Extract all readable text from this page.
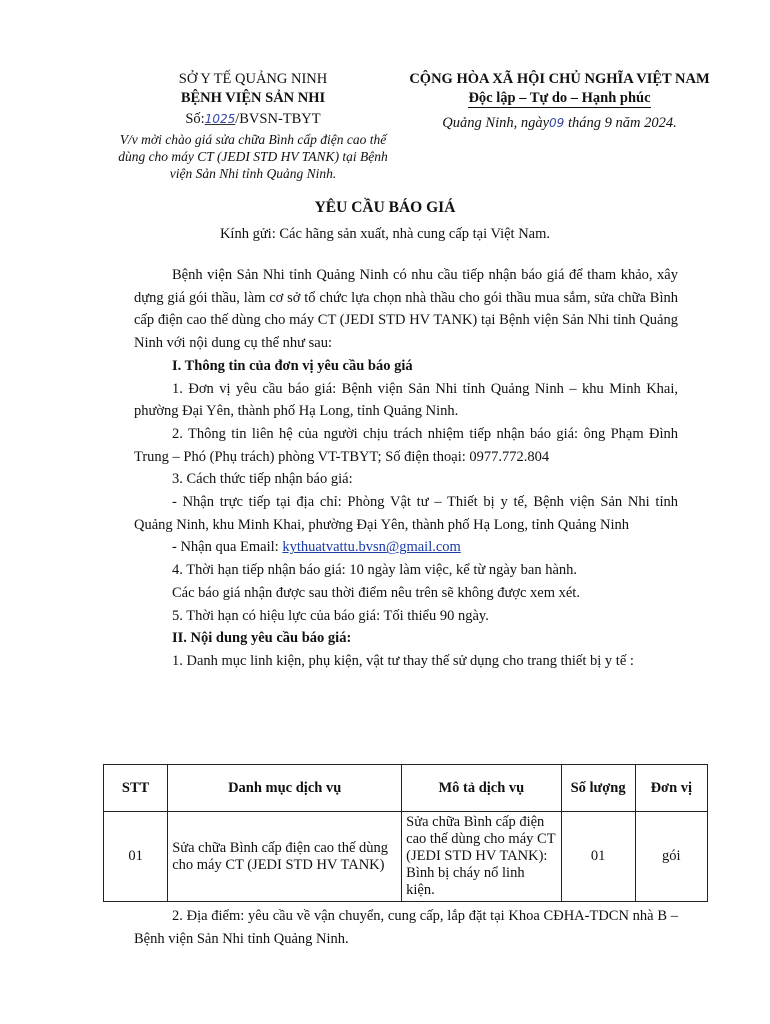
SỞ Y TẾ QUẢNG NINH
BỆNH VIỆN SẢN NHI
Số:1025/BVSN-TBYT
V/v mời chào giá sửa chữa Bình cấp điện cao thế dùng cho máy CT (JEDI STD HV TANK) tại Bệnh viện Sản Nhi tỉnh Quảng Ninh.
CỘNG HÒA XÃ HỘI CHỦ NGHĨA VIỆT NAM
Độc lập – Tự do – Hạnh phúc
Quảng Ninh, ngày09 tháng 9 năm 2024.
YÊU CẦU BÁO GIÁ
Kính gửi: Các hãng sản xuất, nhà cung cấp tại Việt Nam.

Bệnh viện Sản Nhi tỉnh Quảng Ninh có nhu cầu tiếp nhận báo giá để tham khảo, xây dựng giá gói thầu, làm cơ sở tổ chức lựa chọn nhà thầu cho gói thầu mua sắm, sửa chữa Bình cấp điện cao thế dùng cho máy CT (JEDI STD HV TANK) tại Bệnh viện Sản Nhi tỉnh Quảng Ninh với nội dung cụ thể như sau:

I. Thông tin của đơn vị yêu cầu báo giá

1. Đơn vị yêu cầu báo giá: Bệnh viện Sản Nhi tỉnh Quảng Ninh – khu Minh Khai, phường Đại Yên, thành phố Hạ Long, tỉnh Quảng Ninh.

2. Thông tin liên hệ của người chịu trách nhiệm tiếp nhận báo giá: ông Phạm Đình Trung – Phó (Phụ trách) phòng VT-TBYT; Số điện thoại: 0977.772.804

3. Cách thức tiếp nhận báo giá:

- Nhận trực tiếp tại địa chỉ: Phòng Vật tư – Thiết bị y tế, Bệnh viện Sản Nhi tỉnh Quảng Ninh, khu Minh Khai, phường Đại Yên, thành phố Hạ Long, tỉnh Quảng Ninh

- Nhận qua Email: kythuatvattu.bvsn@gmail.com

4. Thời hạn tiếp nhận báo giá: 10 ngày làm việc, kể từ ngày ban hành.

Các báo giá nhận được sau thời điểm nêu trên sẽ không được xem xét.

5. Thời hạn có hiệu lực của báo giá: Tối thiểu 90 ngày.

II. Nội dung yêu cầu báo giá:

1. Danh mục linh kiện, phụ kiện, vật tư thay thế sử dụng cho trang thiết bị y tế :

STT	Danh mục dịch vụ	Mô tả dịch vụ	Số lượng	Đơn vị
01	Sửa chữa Bình cấp điện cao thế dùng cho máy CT (JEDI STD HV TANK)	Sửa chữa Bình cấp điện cao thế dùng cho máy CT (JEDI STD HV TANK): Bình bị cháy nổ linh kiện.	01	gói

2. Địa điểm: yêu cầu về vận chuyển, cung cấp, lắp đặt tại Khoa CĐHA-TDCN nhà B – Bệnh viện Sản Nhi tỉnh Quảng Ninh.
